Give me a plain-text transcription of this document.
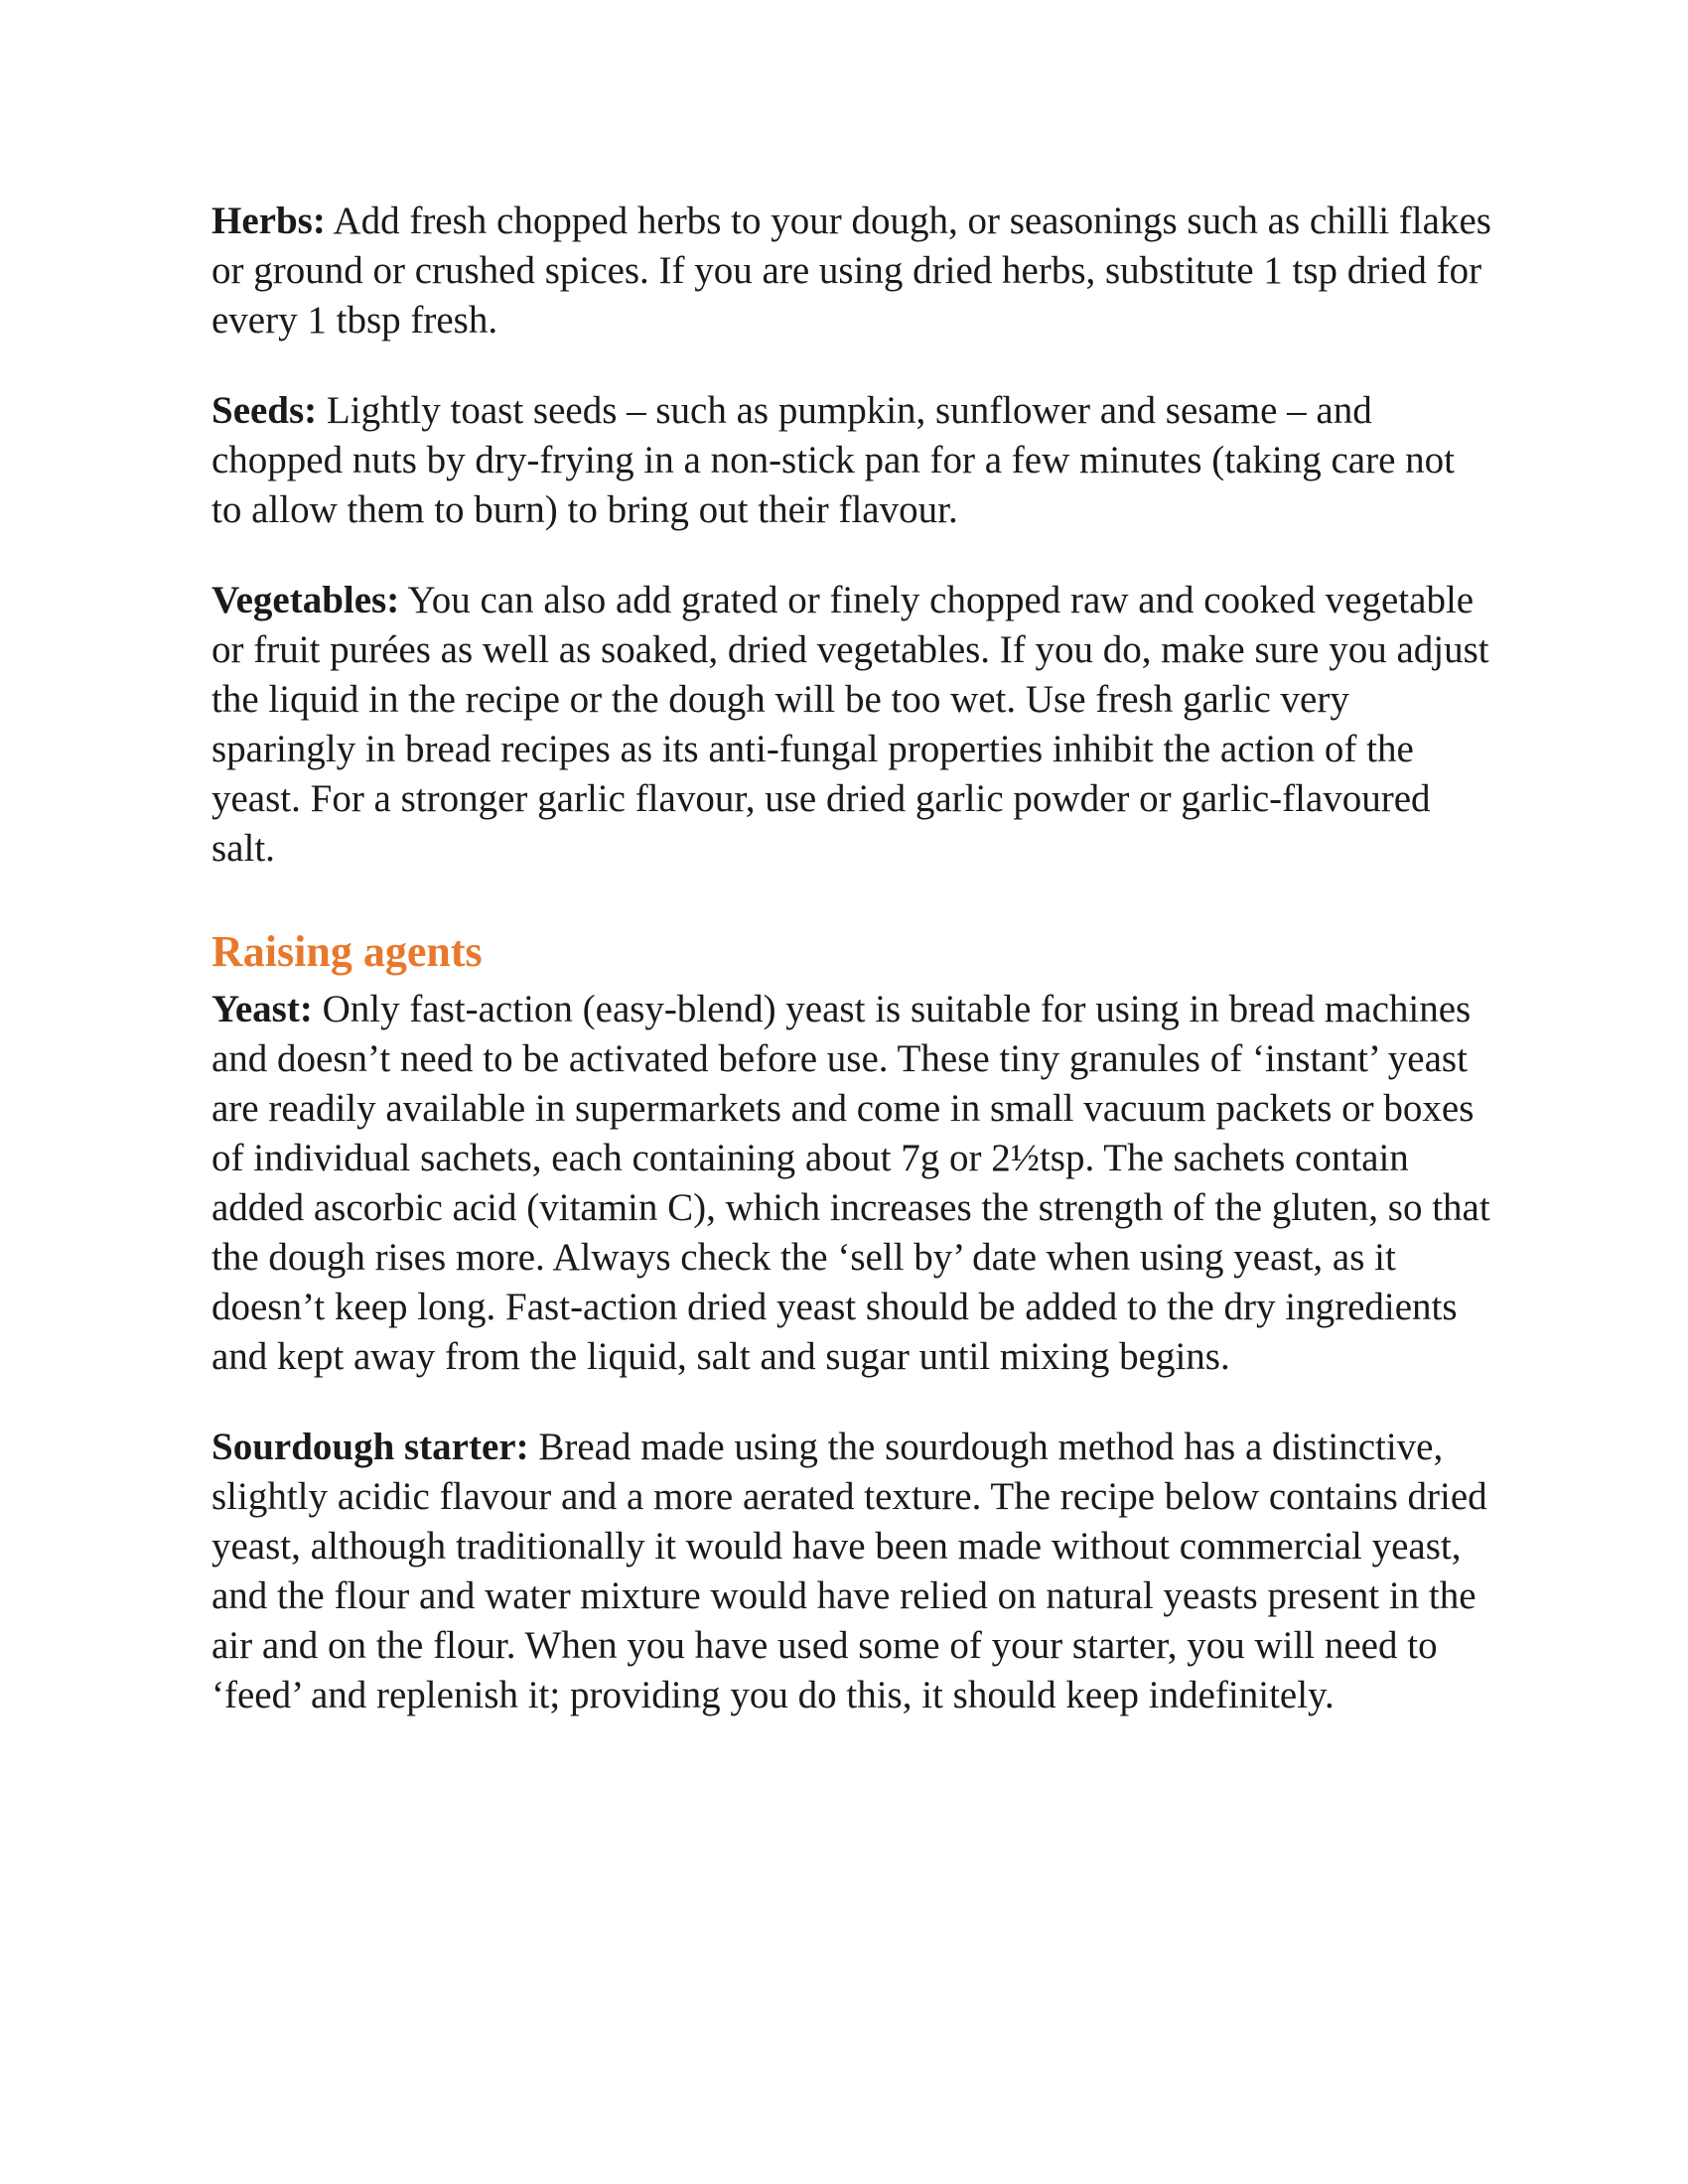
Herbs: Add fresh chopped herbs to your dough, or seasonings such as chilli flakes or ground or crushed spices. If you are using dried herbs, substitute 1 tsp dried for every 1 tbsp fresh.

Seeds: Lightly toast seeds – such as pumpkin, sunflower and sesame – and chopped nuts by dry-frying in a non-stick pan for a few minutes (taking care not to allow them to burn) to bring out their flavour.

Vegetables: You can also add grated or finely chopped raw and cooked vegetable or fruit purées as well as soaked, dried vegetables. If you do, make sure you adjust the liquid in the recipe or the dough will be too wet. Use fresh garlic very sparingly in bread recipes as its anti-fungal properties inhibit the action of the yeast. For a stronger garlic flavour, use dried garlic powder or garlic-flavoured salt.

Raising agents

Yeast: Only fast-action (easy-blend) yeast is suitable for using in bread machines and doesn’t need to be activated before use. These tiny granules of ‘instant’ yeast are readily available in supermarkets and come in small vacuum packets or boxes of individual sachets, each containing about 7g or 2½tsp. The sachets contain added ascorbic acid (vitamin C), which increases the strength of the gluten, so that the dough rises more. Always check the ‘sell by’ date when using yeast, as it doesn’t keep long. Fast-action dried yeast should be added to the dry ingredients and kept away from the liquid, salt and sugar until mixing begins.

Sourdough starter: Bread made using the sourdough method has a distinctive, slightly acidic flavour and a more aerated texture. The recipe below contains dried yeast, although traditionally it would have been made without commercial yeast, and the flour and water mixture would have relied on natural yeasts present in the air and on the flour. When you have used some of your starter, you will need to ‘feed’ and replenish it; providing you do this, it should keep indefinitely.
